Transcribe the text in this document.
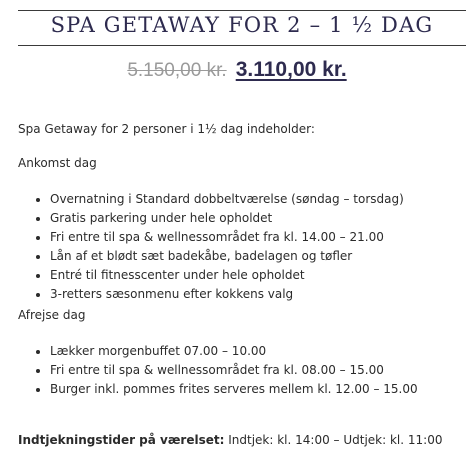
SPA GETAWAY FOR 2 – 1 ½ DAG
5.150,00 kr. 3.110,00 kr.

Spa Getaway for 2 personer i 1½ dag indeholder:

Ankomst dag

• Overnatning i Standard dobbeltværelse (søndag – torsdag)
• Gratis parkering under hele opholdet
• Fri entre til spa & wellnessområdet fra kl. 14.00 – 21.00
• Lån af et blødt sæt badekåbe, badelagen og tøfler
• Entré til fitnesscenter under hele opholdet
• 3-retters sæsonmenu efter kokkens valg

Afrejse dag

• Lækker morgenbuffet 07.00 – 10.00
• Fri entre til spa & wellnessområdet fra kl. 08.00 – 15.00
• Burger inkl. pommes frites serveres mellem kl. 12.00 – 15.00
Indtjekningstider på værelset: Indtjek: kl. 14:00 – Udtjek: kl. 11:00
